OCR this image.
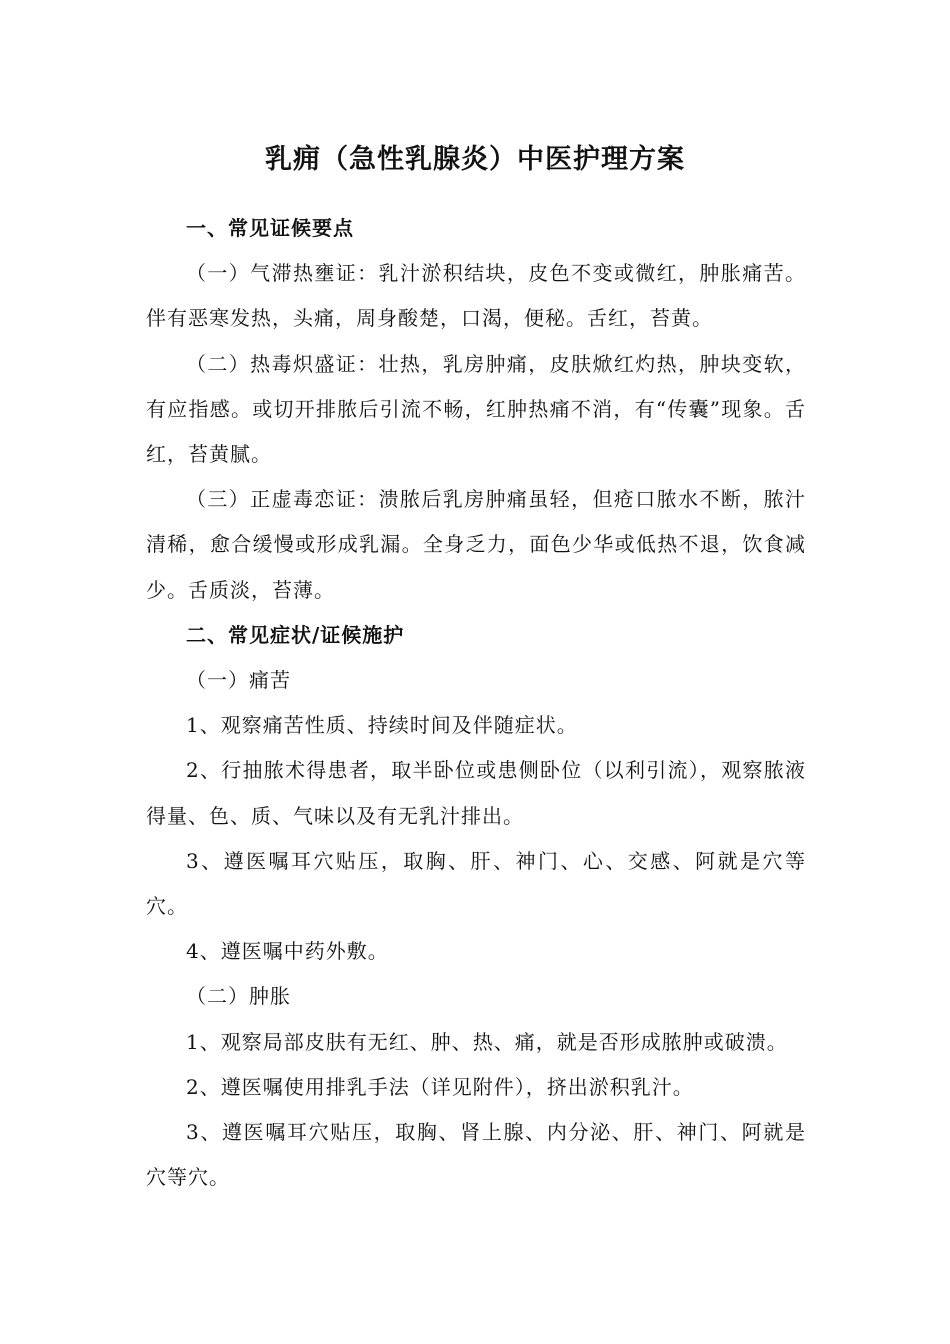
乳痈（急性乳腺炎）中医护理方案

一、常见证候要点

（一）气滞热壅证：乳汁淤积结块，皮色不变或微红，肿胀痛苦。伴有恶寒发热，头痛，周身酸楚，口渴，便秘。舌红，苔黄。

（二）热毒炽盛证：壮热，乳房肿痛，皮肤焮红灼热，肿块变软，有应指感。或切开排脓后引流不畅，红肿热痛不消，有“传囊”现象。舌红，苔黄腻。

（三）正虚毒恋证：溃脓后乳房肿痛虽轻，但疮口脓水不断，脓汁清稀，愈合缓慢或形成乳漏。全身乏力，面色少华或低热不退，饮食减少。舌质淡，苔薄。

二、常见症状/证候施护

（一）痛苦

1、观察痛苦性质、持续时间及伴随症状。

2、行抽脓术得患者，取半卧位或患侧卧位（以利引流），观察脓液得量、色、质、气味以及有无乳汁排出。

3、遵医嘱耳穴贴压，取胸、肝、神门、心、交感、阿就是穴等穴。

4、遵医嘱中药外敷。

（二）肿胀

1、观察局部皮肤有无红、肿、热、痛，就是否形成脓肿或破溃。

2、遵医嘱使用排乳手法（详见附件），挤出淤积乳汁。

3、遵医嘱耳穴贴压，取胸、肾上腺、内分泌、肝、神门、阿就是穴等穴。
